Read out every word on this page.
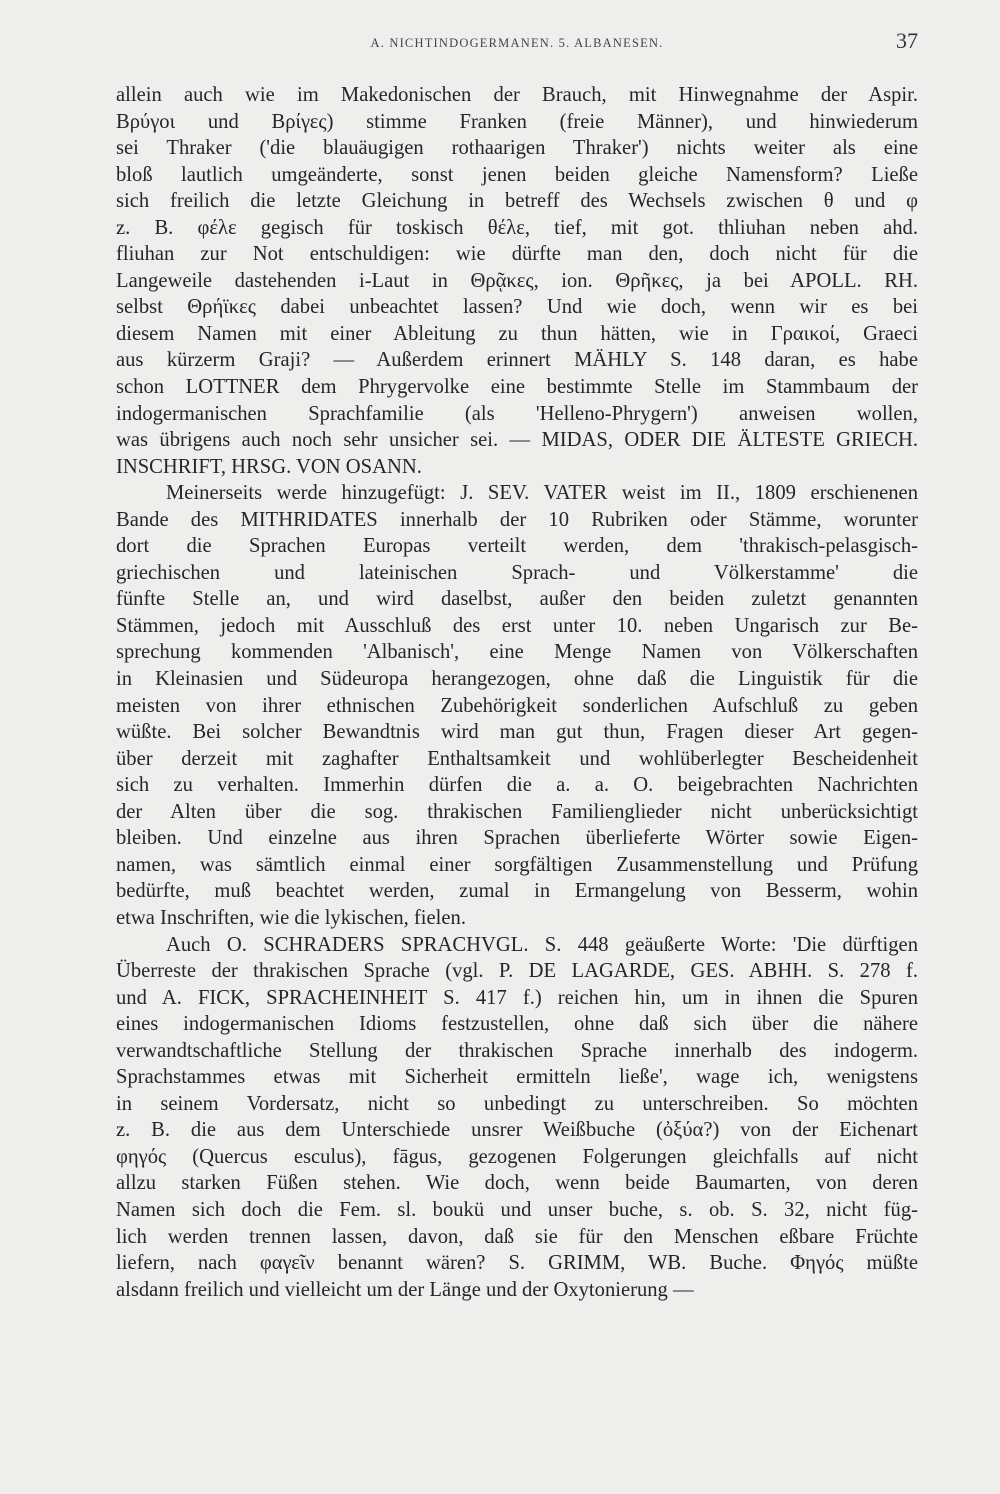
A. NICHTINDOGERMANEN. 5. ALBANESEN.	37
allein auch wie im Makedonischen der Brauch, mit Hinwegnahme der Aspir.
Βρύγοι und Βρίγες) stimme Franken (freie Männer), und hinwiederum
sei Thraker ('die blauäugigen rothaarigen Thraker') nichts weiter als eine
bloß lautlich umgeänderte, sonst jenen beiden gleiche Namensform? Ließe
sich freilich die letzte Gleichung in betreff des Wechsels zwischen θ und φ
z. B. φέλε gegisch für toskisch θέλε, tief, mit got. thliuhan neben ahd.
fliuhan zur Not entschuldigen: wie dürfte man den, doch nicht für die
Langeweile dastehenden i-Laut in Θρᾷκες, ion. Θρῆκες, ja bei APOLL. RH.
selbst Θρήϊκες dabei unbeachtet lassen? Und wie doch, wenn wir es bei
diesem Namen mit einer Ableitung zu thun hätten, wie in Γραικοί, Graeci
aus kürzerm Graji? — Außerdem erinnert MÄHLY S. 148 daran, es habe
schon LOTTNER dem Phrygervolke eine bestimmte Stelle im Stammbaum der
indogermanischen Sprachfamilie (als 'Helleno-Phrygern') anweisen wollen,
was übrigens auch noch sehr unsicher sei. — MIDAS, ODER DIE ÄLTESTE GRIECH.
INSCHRIFT, HRSG. VON OSANN.
Meinerseits werde hinzugefügt: J. SEV. VATER weist im II., 1809 erschienenen
Bande des MITHRIDATES innerhalb der 10 Rubriken oder Stämme, worunter
dort die Sprachen Europas verteilt werden, dem 'thrakisch-pelasgisch-
griechischen und lateinischen Sprach- und Völkerstamme' die
fünfte Stelle an, und wird daselbst, außer den beiden zuletzt genannten
Stämmen, jedoch mit Ausschluß des erst unter 10. neben Ungarisch zur Be-
sprechung kommenden 'Albanisch', eine Menge Namen von Völkerschaften
in Kleinasien und Südeuropa herangezogen, ohne daß die Linguistik für die
meisten von ihrer ethnischen Zubehörigkeit sonderlichen Aufschluß zu geben
wüßte. Bei solcher Bewandtnis wird man gut thun, Fragen dieser Art gegen-
über derzeit mit zaghafter Enthaltsamkeit und wohlüberlegter Bescheidenheit
sich zu verhalten. Immerhin dürfen die a. a. O. beigebrachten Nachrichten
der Alten über die sog. thrakischen Familienglieder nicht unberücksichtigt
bleiben. Und einzelne aus ihren Sprachen überlieferte Wörter sowie Eigen-
namen, was sämtlich einmal einer sorgfältigen Zusammenstellung und Prüfung
bedürfte, muß beachtet werden, zumal in Ermangelung von Besserm, wohin
etwa Inschriften, wie die lykischen, fielen.
Auch O. SCHRADERS SPRACHVGL. S. 448 geäußerte Worte: 'Die dürftigen
Überreste der thrakischen Sprache (vgl. P. DE LAGARDE, GES. ABHH. S. 278 f.
und A. FICK, SPRACHEINHEIT S. 417 f.) reichen hin, um in ihnen die Spuren
eines indogermanischen Idioms festzustellen, ohne daß sich über die nähere
verwandtschaftliche Stellung der thrakischen Sprache innerhalb des indogerm.
Sprachstammes etwas mit Sicherheit ermitteln ließe', wage ich, wenigstens
in seinem Vordersatz, nicht so unbedingt zu unterschreiben. So möchten
z. B. die aus dem Unterschiede unsrer Weißbuche (ὀξύα?) von der Eichenart
φηγός (Quercus esculus), fāgus, gezogenen Folgerungen gleichfalls auf nicht
allzu starken Füßen stehen. Wie doch, wenn beide Baumarten, von deren
Namen sich doch die Fem. sl. boukü und unser buche, s. ob. S. 32, nicht füg-
lich werden trennen lassen, davon, daß sie für den Menschen eßbare Früchte
liefern, nach φαγεῖν benannt wären? S. GRIMM, WB. Buche. Φηγός müßte
alsdann freilich und vielleicht um der Länge und der Oxytonierung —
